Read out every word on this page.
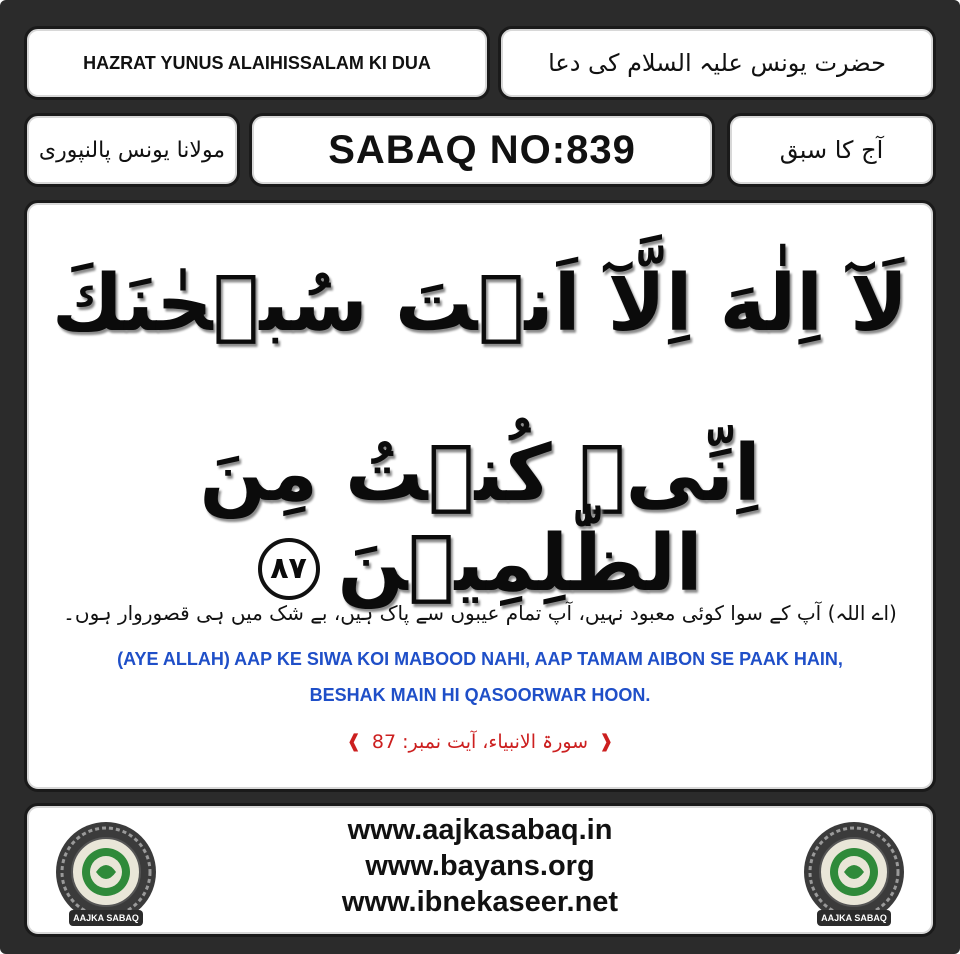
HAZRAT YUNUS ALAIHISSALAM KI DUA	حضرت یونس علیہ السلام کی دعا
مولانا یونس پالنپوری	SABAQ NO:839	آج کا سبق
لَآ اِلٰهَ اِلَّآ اَنۡتَ سُبۡحٰنَكَ
اِنِّىۡ كُنۡتُ مِنَ الظّٰلِمِيۡنَ٨٧
(اے اللہ) آپ کے سوا کوئی معبود نہیں، آپ تمام عیبوں سے پاک ہیں، بے شک میں ہی قصوروار ہوں۔
(AYE ALLAH) AAP KE SIWA KOI MABOOD NAHI, AAP TAMAM AIBON SE PAAK HAIN,
BESHAK MAIN HI QASOORWAR HOON.
❰
سورۃ الانبیاء، آیت نمبر: 87
❱
AAJKA SABAQ
www.aajkasabaq.in
www.bayans.org
www.ibnekaseer.net	AAJKA SABAQ
